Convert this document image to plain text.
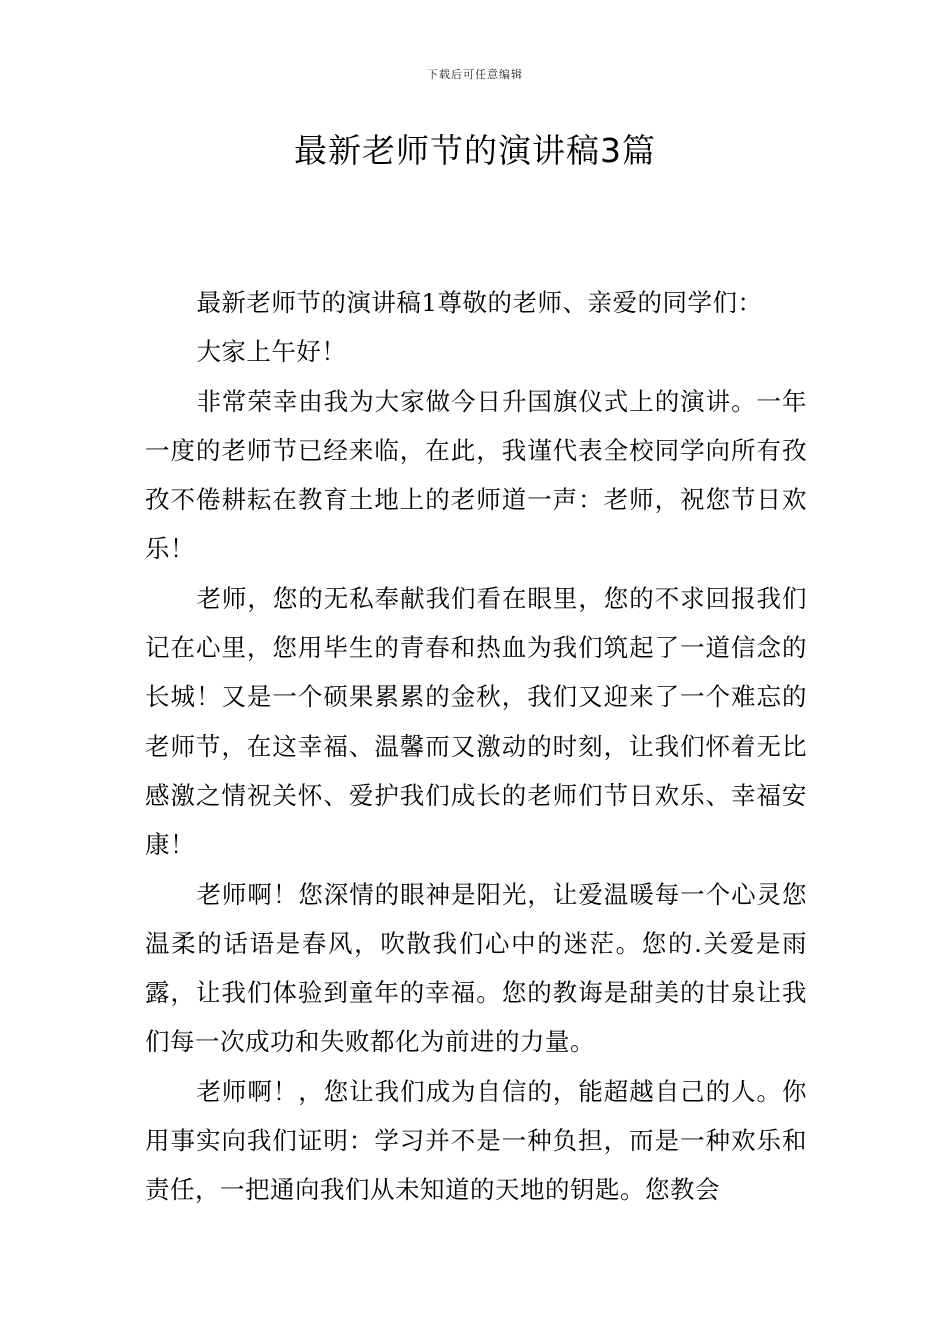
下载后可任意编辑
最新老师节的演讲稿3篇

最新老师节的演讲稿1尊敬的老师、亲爱的同学们：

大家上午好！

非常荣幸由我为大家做今日升国旗仪式上的演讲。一年一度的老师节已经来临，在此，我谨代表全校同学向所有孜孜不倦耕耘在教育土地上的老师道一声：老师，祝您节日欢乐！

老师，您的无私奉献我们看在眼里，您的不求回报我们记在心里，您用毕生的青春和热血为我们筑起了一道信念的长城！又是一个硕果累累的金秋，我们又迎来了一个难忘的老师节，在这幸福、温馨而又激动的时刻，让我们怀着无比感激之情祝关怀、爱护我们成长的老师们节日欢乐、幸福安康！

老师啊！您深情的眼神是阳光，让爱温暖每一个心灵您温柔的话语是春风，吹散我们心中的迷茫。您的.关爱是雨露，让我们体验到童年的幸福。您的教诲是甜美的甘泉让我们每一次成功和失败都化为前进的力量。

老师啊！，您让我们成为自信的，能超越自己的人。你用事实向我们证明：学习并不是一种负担，而是一种欢乐和责任，一把通向我们从未知道的天地的钥匙。您教会
